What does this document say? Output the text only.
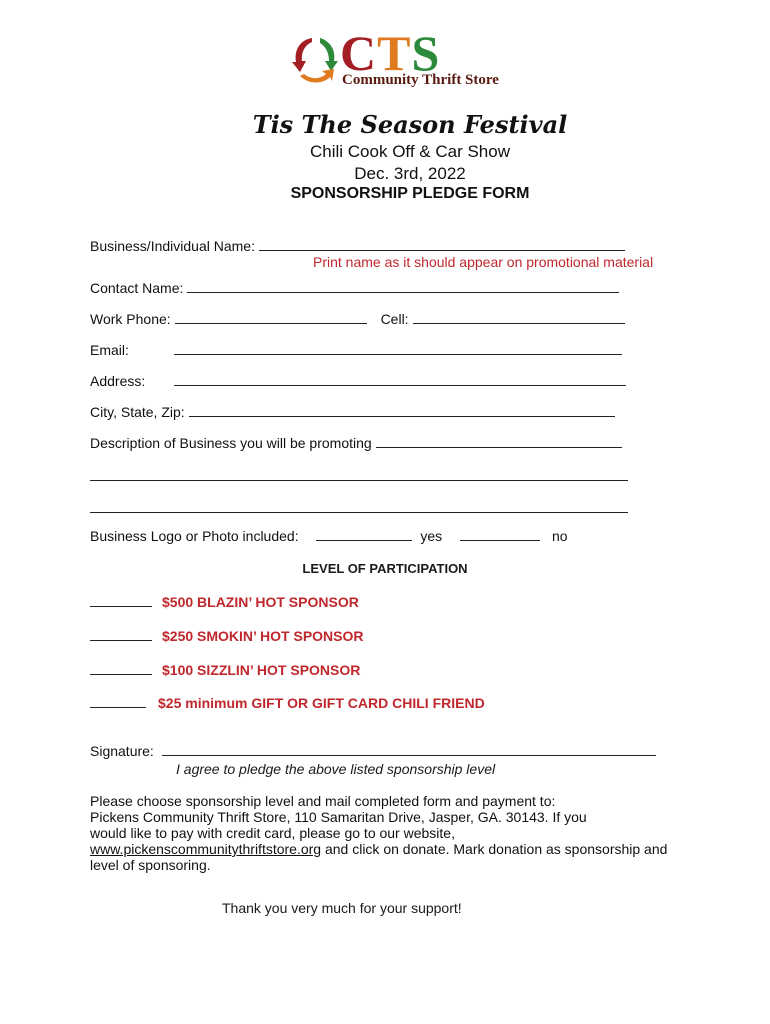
CTS
Community Thrift Store
Tis The Season Festival
Chili Cook Off & Car Show
Dec. 3rd, 2022
SPONSORSHIP PLEDGE FORM
Business/Individual Name:
Print name as it should appear on promotional material
Contact Name:
Work Phone:	Cell:
Email:
Address:
City, State, Zip:
Description of Business you will be promoting
Business Logo or Photo included:	yes	no
LEVEL OF PARTICIPATION
$500 BLAZIN’ HOT SPONSOR
$250 SMOKIN’ HOT SPONSOR
$100 SIZZLIN’ HOT SPONSOR
$25 minimum GIFT OR GIFT CARD CHILI FRIEND
Signature:
I agree to pledge the above listed sponsorship level
Please choose sponsorship level and mail completed form and payment to:
Pickens Community Thrift Store, 110 Samaritan Drive, Jasper, GA. 30143. If you
would like to pay with credit card, please go to our website,
www.pickenscommunitythriftstore.org and click on donate. Mark donation as sponsorship and
level of sponsoring.
Thank you very much for your support!
